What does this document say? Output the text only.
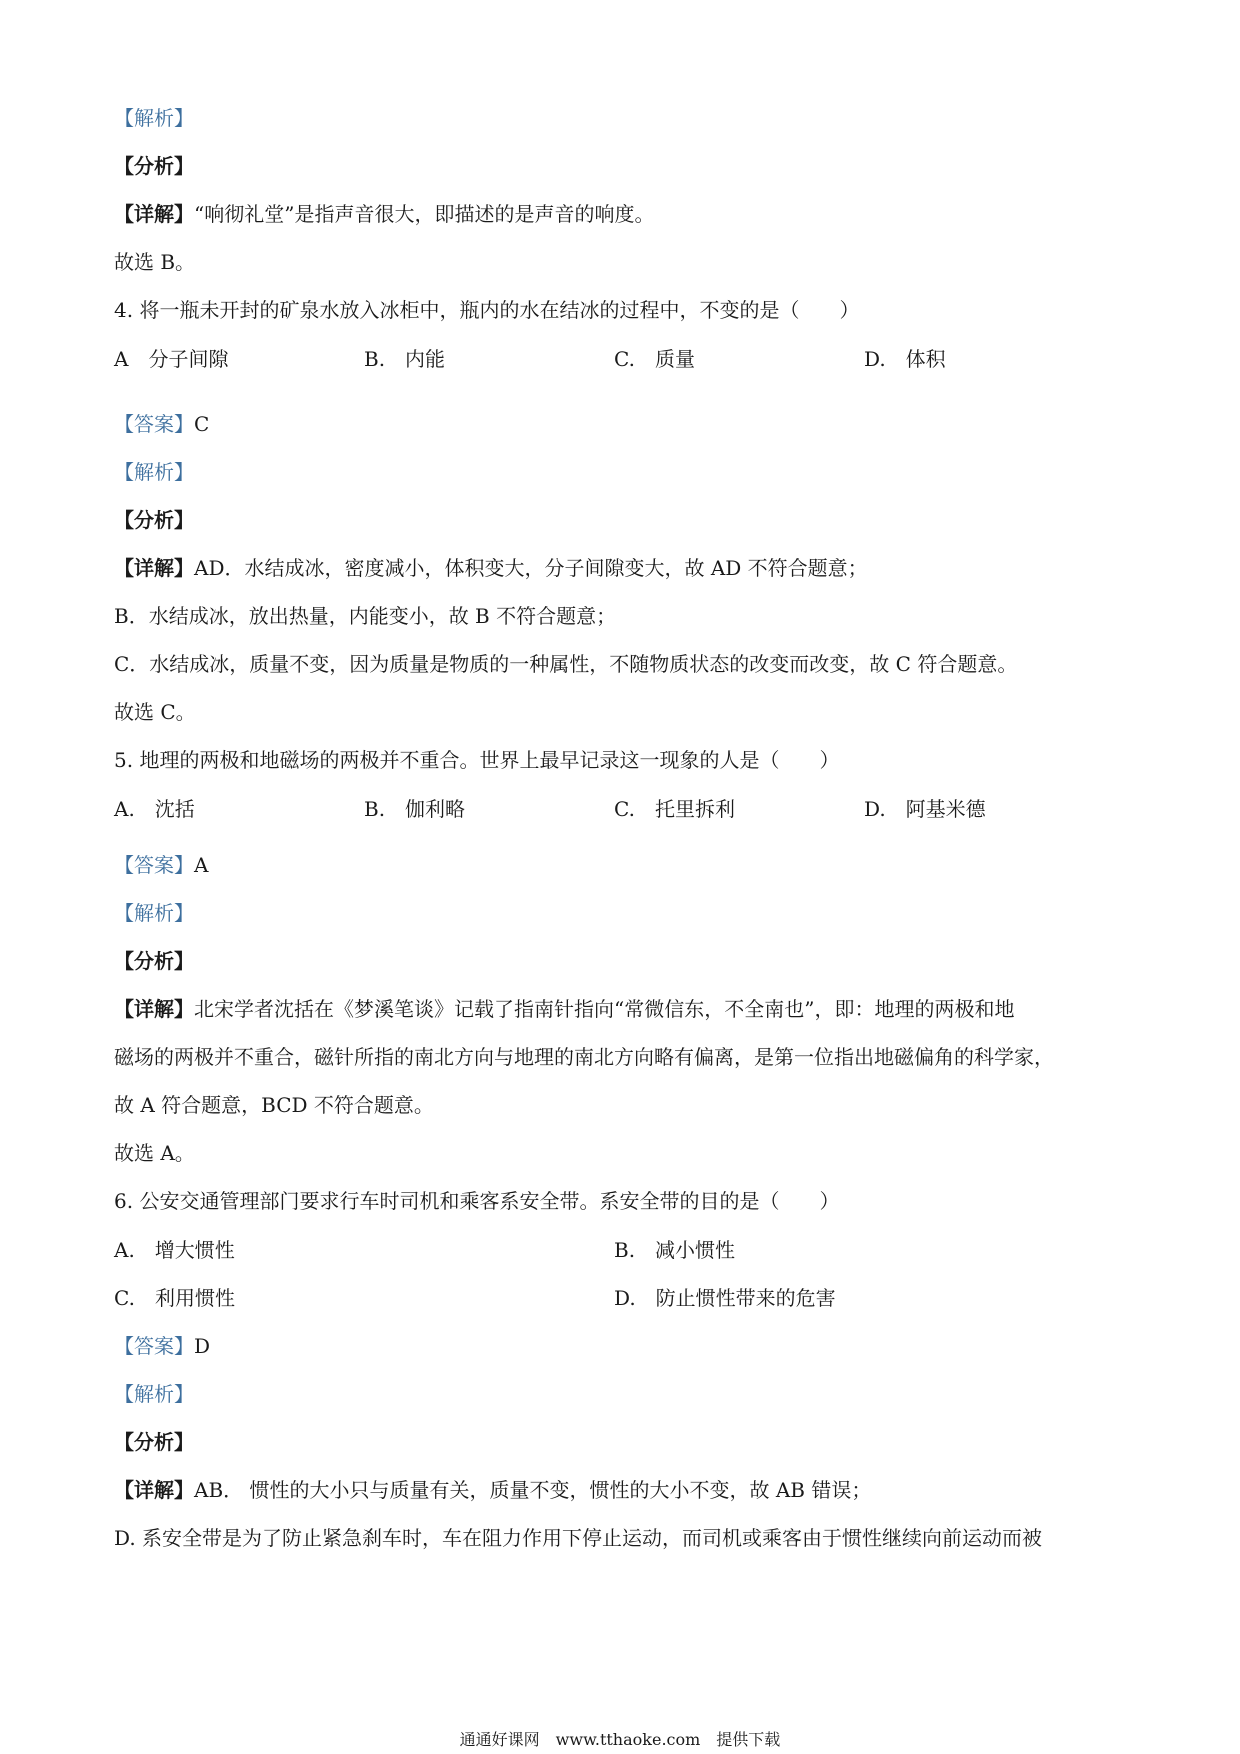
【解析】
【分析】
【详解】“响彻礼堂”是指声音很大，即描述的是声音的响度。
故选 B。
4. 将一瓶未开封的矿泉水放入冰柜中，瓶内的水在结冰的过程中，不变的是（　　）
A　分子间隙	B.　内能	C.　质量	D.　体积
【答案】C
【解析】
【分析】
【详解】AD．水结成冰，密度减小，体积变大，分子间隙变大，故 AD 不符合题意；
B．水结成冰，放出热量，内能变小，故 B 不符合题意；
C．水结成冰，质量不变，因为质量是物质的一种属性，不随物质状态的改变而改变，故 C 符合题意。
故选 C。
5. 地理的两极和地磁场的两极并不重合。世界上最早记录这一现象的人是（　　）
A.　沈括	B.　伽利略	C.　托里拆利	D.　阿基米德
【答案】A
【解析】
【分析】
【详解】北宋学者沈括在《梦溪笔谈》记载了指南针指向“常微信东，不全南也”，即：地理的两极和地
磁场的两极并不重合，磁针所指的南北方向与地理的南北方向略有偏离，是第一位指出地磁偏角的科学家，
故 A 符合题意，BCD 不符合题意。
故选 A。
6. 公安交通管理部门要求行车时司机和乘客系安全带。系安全带的目的是（　　）
A.　增大惯性	B.　减小惯性
C.　利用惯性	D.　防止惯性带来的危害
【答案】D
【解析】
【分析】
【详解】AB． 惯性的大小只与质量有关，质量不变，惯性的大小不变，故 AB 错误；
D. 系安全带是为了防止紧急刹车时，车在阻力作用下停止运动，而司机或乘客由于惯性继续向前运动而被
通通好课网　www.tthaoke.com　提供下载
